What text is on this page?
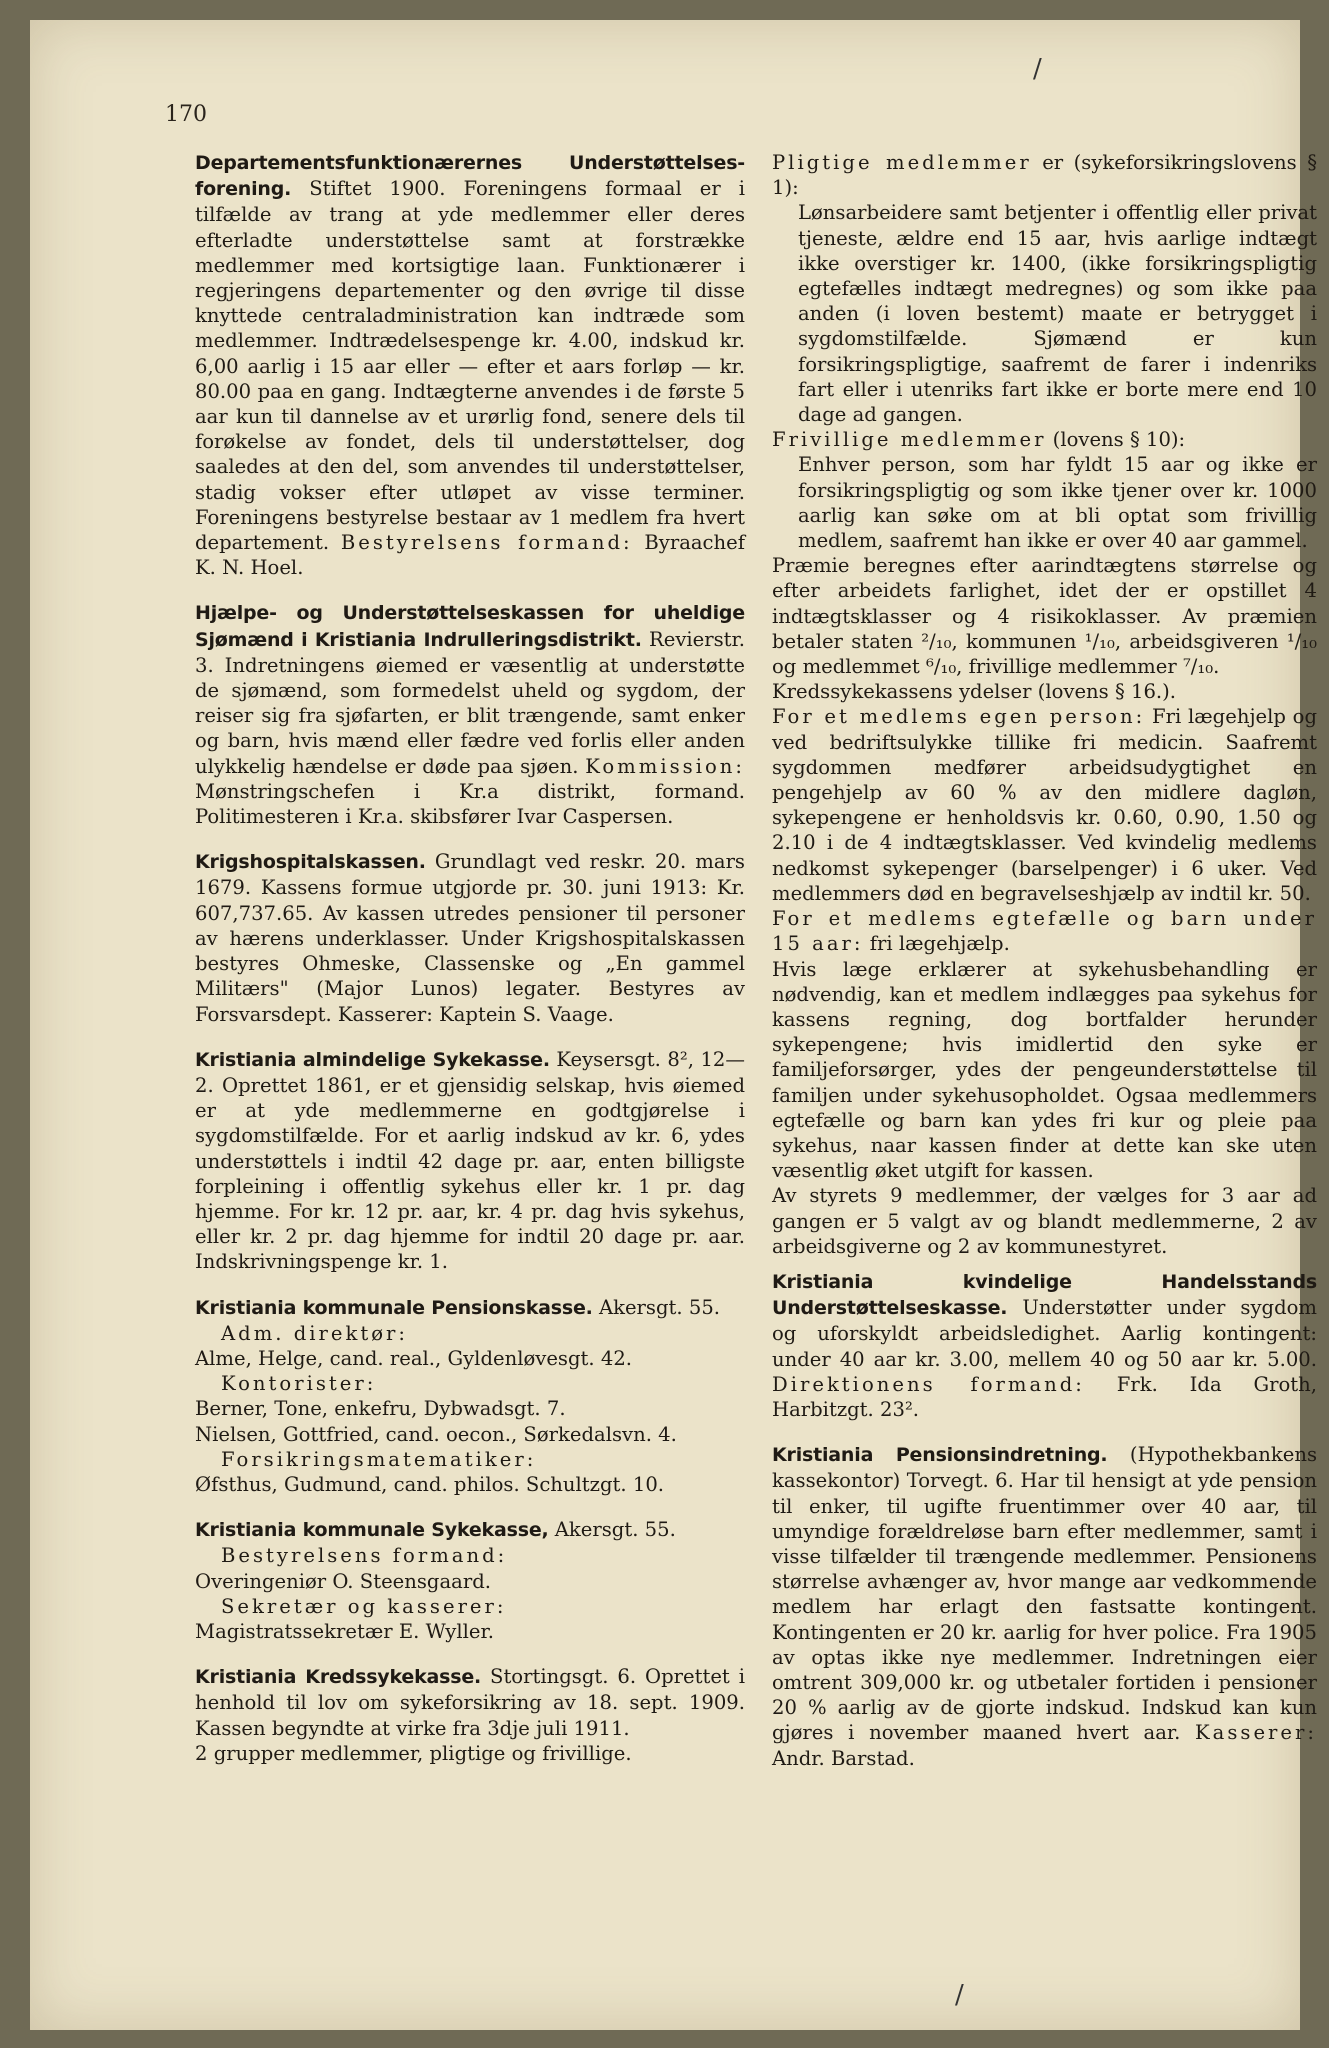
/
170

Departementsfunktionærernes Understøttelses-forening. Stiftet 1900. Foreningens formaal er i tilfælde av trang at yde medlemmer eller deres efterladte understøttelse samt at forstrække medlemmer med kortsigtige laan. Funktionærer i regjeringens departementer og den øvrige til disse knyttede centraladministration kan indtræde som medlemmer. Indtrædelsespenge kr. 4.00, indskud kr. 6,00 aarlig i 15 aar eller — efter et aars forløp — kr. 80.00 paa en gang. Indtægterne anvendes i de første 5 aar kun til dannelse av et urørlig fond, senere dels til forøkelse av fondet, dels til understøttelser, dog saaledes at den del, som anvendes til understøttelser, stadig vokser efter utløpet av visse terminer. Foreningens bestyrelse bestaar av 1 medlem fra hvert departement. Bestyrelsens formand: Byraachef K. N. Hoel.

Hjælpe- og Understøttelseskassen for uheldige Sjømænd i Kristiania Indrulleringsdistrikt. Revierstr. 3. Indretningens øiemed er væsentlig at understøtte de sjømænd, som formedelst uheld og sygdom, der reiser sig fra sjøfarten, er blit trængende, samt enker og barn, hvis mænd eller fædre ved forlis eller anden ulykkelig hændelse er døde paa sjøen. Kommission: Mønstringschefen i Kr.a distrikt, formand. Politimesteren i Kr.a. skibsfører Ivar Caspersen.

Krigshospitalskassen. Grundlagt ved reskr. 20. mars 1679. Kassens formue utgjorde pr. 30. juni 1913: Kr. 607,737.65. Av kassen utredes pensioner til personer av hærens underklasser. Under Krigshospitalskassen bestyres Ohmeske, Classenske og „En gammel Militærs" (Major Lunos) legater. Bestyres av Forsvarsdept. Kasserer: Kaptein S. Vaage.

Kristiania almindelige Sykekasse. Keysersgt. 8², 12—2. Oprettet 1861, er et gjensidig selskap, hvis øiemed er at yde medlemmerne en godtgjørelse i sygdomstilfælde. For et aarlig indskud av kr. 6, ydes understøttels i indtil 42 dage pr. aar, enten billigste forpleining i offentlig sykehus eller kr. 1 pr. dag hjemme. For kr. 12 pr. aar, kr. 4 pr. dag hvis sykehus, eller kr. 2 pr. dag hjemme for indtil 20 dage pr. aar. Indskrivningspenge kr. 1.

Kristiania kommunale Pensionskasse. Akersgt. 55.

Adm. direktør:
Alme, Helge, cand. real., Gyldenløvesgt. 42.
Kontorister:
Berner, Tone, enkefru, Dybwadsgt. 7.
Nielsen, Gottfried, cand. oecon., Sørkedalsvn. 4.
Forsikringsmatematiker:
Øfsthus, Gudmund, cand. philos. Schultzgt. 10.

Kristiania kommunale Sykekasse, Akersgt. 55.

Bestyrelsens formand:
Overingeniør O. Steensgaard.
Sekretær og kasserer:
Magistratssekretær E. Wyller.

Kristiania Kredssykekasse. Stortingsgt. 6. Oprettet i henhold til lov om sykeforsikring av 18. sept. 1909. Kassen begyndte at virke fra 3dje juli 1911.

2 grupper medlemmer, pligtige og frivillige.

Pligtige medlemmer er (sykeforsikringslovens § 1):

Lønsarbeidere samt betjenter i offentlig eller privat tjeneste, ældre end 15 aar, hvis aarlige indtægt ikke overstiger kr. 1400, (ikke forsikringspligtig egtefælles indtægt medregnes) og som ikke paa anden (i loven bestemt) maate er betrygget i sygdomstilfælde. Sjømænd er kun forsikringspligtige, saafremt de farer i indenriks fart eller i utenriks fart ikke er borte mere end 10 dage ad gangen.

Frivillige medlemmer (lovens § 10):

Enhver person, som har fyldt 15 aar og ikke er forsikringspligtig og som ikke tjener over kr. 1000 aarlig kan søke om at bli optat som frivillig medlem, saafremt han ikke er over 40 aar gammel.

Præmie beregnes efter aarindtægtens størrelse og efter arbeidets farlighet, idet der er opstillet 4 indtægtsklasser og 4 risikoklasser. Av præmien betaler staten ²/₁₀, kommunen ¹/₁₀, arbeidsgiveren ¹/₁₀ og medlemmet ⁶/₁₀, frivillige medlemmer ⁷/₁₀.

Kredssykekassens ydelser (lovens § 16.).

For et medlems egen person: Fri lægehjelp og ved bedriftsulykke tillike fri medicin. Saafremt sygdommen medfører arbeidsudygtighet en pengehjelp av 60 % av den midlere dagløn, sykepengene er henholdsvis kr. 0.60, 0.90, 1.50 og 2.10 i de 4 indtægtsklasser. Ved kvindelig medlems nedkomst sykepenger (barselpenger) i 6 uker. Ved medlemmers død en begravelseshjælp av indtil kr. 50.

For et medlems egtefælle og barn under 15 aar: fri lægehjælp.

Hvis læge erklærer at sykehusbehandling er nødvendig, kan et medlem indlægges paa sykehus for kassens regning, dog bortfalder herunder sykepengene; hvis imidlertid den syke er familjeforsørger, ydes der pengeunderstøttelse til familjen under sykehusopholdet. Ogsaa medlemmers egtefælle og barn kan ydes fri kur og pleie paa sykehus, naar kassen finder at dette kan ske uten væsentlig øket utgift for kassen.

Av styrets 9 medlemmer, der vælges for 3 aar ad gangen er 5 valgt av og blandt medlemmerne, 2 av arbeidsgiverne og 2 av kommunestyret.

Kristiania kvindelige Handelsstands Understøttelseskasse. Understøtter under sygdom og uforskyldt arbeidsledighet. Aarlig kontingent: under 40 aar kr. 3.00, mellem 40 og 50 aar kr. 5.00. Direktionens formand: Frk. Ida Groth, Harbitzgt. 23².

Kristiania Pensionsindretning. (Hypothekbankens kassekontor) Torvegt. 6. Har til hensigt at yde pension til enker, til ugifte fruentimmer over 40 aar, til umyndige forældreløse barn efter medlemmer, samt i visse tilfælder til trængende medlemmer. Pensionens størrelse avhænger av, hvor mange aar vedkommende medlem har erlagt den fastsatte kontingent. Kontingenten er 20 kr. aarlig for hver police. Fra 1905 av optas ikke nye medlemmer. Indretningen eier omtrent 309,000 kr. og utbetaler fortiden i pensioner 20 % aarlig av de gjorte indskud. Indskud kan kun gjøres i november maaned hvert aar. Kasserer: Andr. Barstad.

/
